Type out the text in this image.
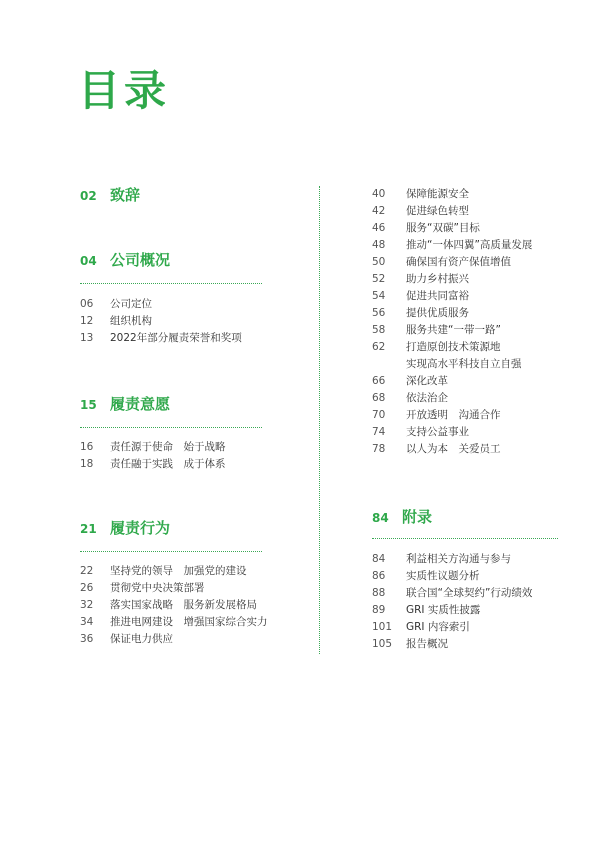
目录
02 致辞
04 公司概况
06	公司定位
12	组织机构
13	2022年部分履责荣誉和奖项
15 履责意愿
16	责任源于使命　始于战略
18	责任融于实践　成于体系
21 履责行为
22	坚持党的领导　加强党的建设
26	贯彻党中央决策部署
32	落实国家战略　服务新发展格局
34	推进电网建设　增强国家综合实力
36	保证电力供应
40	保障能源安全
42	促进绿色转型
46	服务“双碳”目标
48	推动“一体四翼”高质量发展
50	确保国有资产保值增值
52	助力乡村振兴
54	促进共同富裕
56	提供优质服务
58	服务共建“一带一路”
62	打造原创技术策源地
实现高水平科技自立自强
66	深化改革
68	依法治企
70	开放透明　沟通合作
74	支持公益事业
78	以人为本　关爱员工
84 附录
84	利益相关方沟通与参与
86	实质性议题分析
88	联合国“全球契约”行动绩效
89	GRI 实质性披露
101	GRI 内容索引
105	报告概况
